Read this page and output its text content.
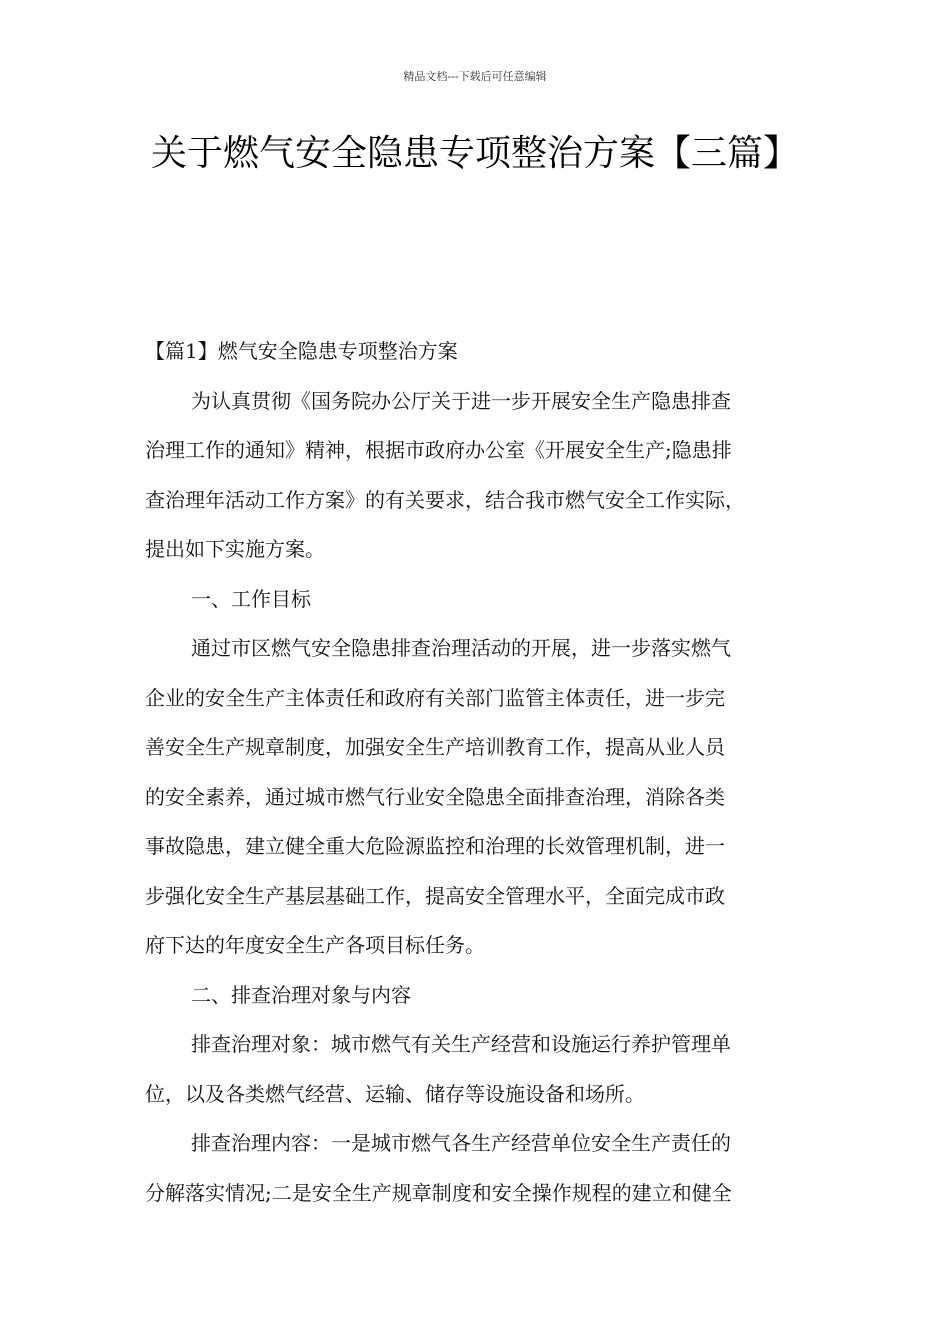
精品文档---下载后可任意编辑
关于燃气安全隐患专项整治方案【三篇】
【篇1】燃气安全隐患专项整治方案
为认真贯彻《国务院办公厅关于进一步开展安全生产隐患排查
治理工作的通知》精神，根据市政府办公室《开展安全生产;隐患排
查治理年活动工作方案》的有关要求，结合我市燃气安全工作实际，
提出如下实施方案。
一、工作目标
通过市区燃气安全隐患排查治理活动的开展，进一步落实燃气
企业的安全生产主体责任和政府有关部门监管主体责任，进一步完
善安全生产规章制度，加强安全生产培训教育工作，提高从业人员
的安全素养，通过城市燃气行业安全隐患全面排查治理，消除各类
事故隐患，建立健全重大危险源监控和治理的长效管理机制，进一
步强化安全生产基层基础工作，提高安全管理水平，全面完成市政
府下达的年度安全生产各项目标任务。
二、排查治理对象与内容
排查治理对象：城市燃气有关生产经营和设施运行养护管理单
位，以及各类燃气经营、运输、储存等设施设备和场所。
排查治理内容：一是城市燃气各生产经营单位安全生产责任的
分解落实情况;二是安全生产规章制度和安全操作规程的建立和健全
